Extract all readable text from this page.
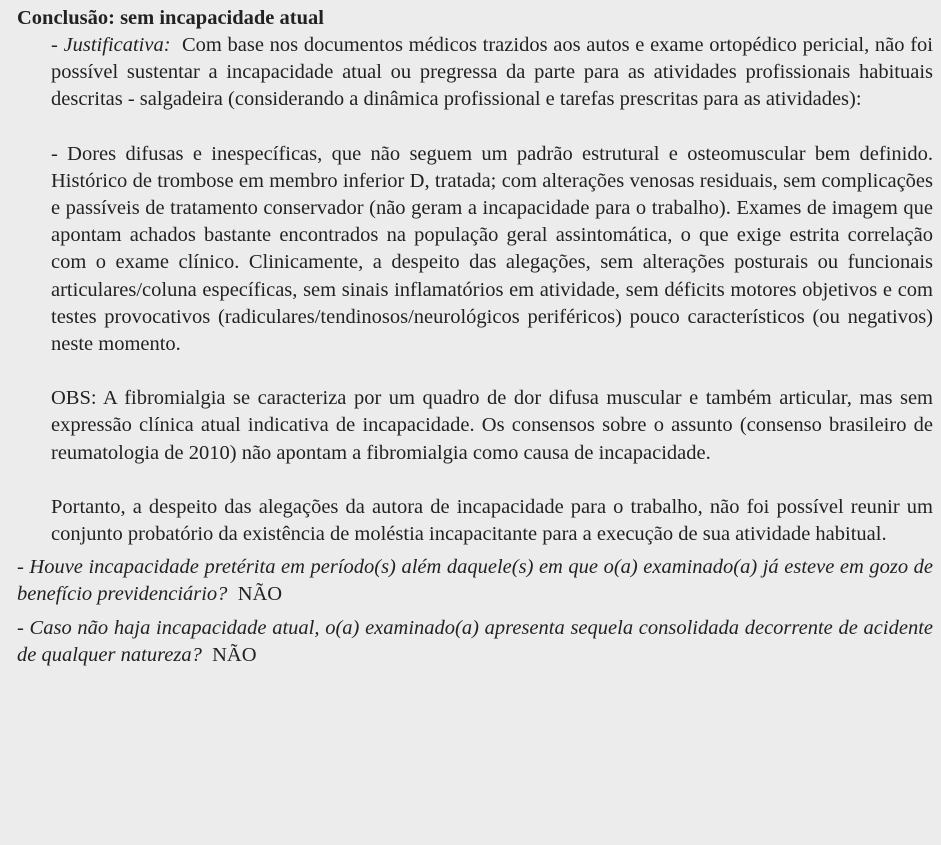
Conclusão: sem incapacidade atual

- Justificativa: Com base nos documentos médicos trazidos aos autos e exame ortopédico pericial, não foi possível sustentar a incapacidade atual ou pregressa da parte para as atividades profissionais habituais descritas - salgadeira (considerando a dinâmica profissional e tarefas prescritas para as atividades):

- Dores difusas e inespecíficas, que não seguem um padrão estrutural e osteomuscular bem definido. Histórico de trombose em membro inferior D, tratada; com alterações venosas residuais, sem complicações e passíveis de tratamento conservador (não geram a incapacidade para o trabalho). Exames de imagem que apontam achados bastante encontrados na população geral assintomática, o que exige estrita correlação com o exame clínico. Clinicamente, a despeito das alegações, sem alterações posturais ou funcionais articulares/coluna específicas, sem sinais inflamatórios em atividade, sem déficits motores objetivos e com testes provocativos (radiculares/tendinosos/neurológicos periféricos) pouco característicos (ou negativos) neste momento.

OBS: A fibromialgia se caracteriza por um quadro de dor difusa muscular e também articular, mas sem expressão clínica atual indicativa de incapacidade. Os consensos sobre o assunto (consenso brasileiro de reumatologia de 2010) não apontam a fibromialgia como causa de incapacidade.

Portanto, a despeito das alegações da autora de incapacidade para o trabalho, não foi possível reunir um conjunto probatório da existência de moléstia incapacitante para a execução de sua atividade habitual.

- Houve incapacidade pretérita em período(s) além daquele(s) em que o(a) examinado(a) já esteve em gozo de benefício previdenciário? NÃO

- Caso não haja incapacidade atual, o(a) examinado(a) apresenta sequela consolidada decorrente de acidente de qualquer natureza? NÃO
